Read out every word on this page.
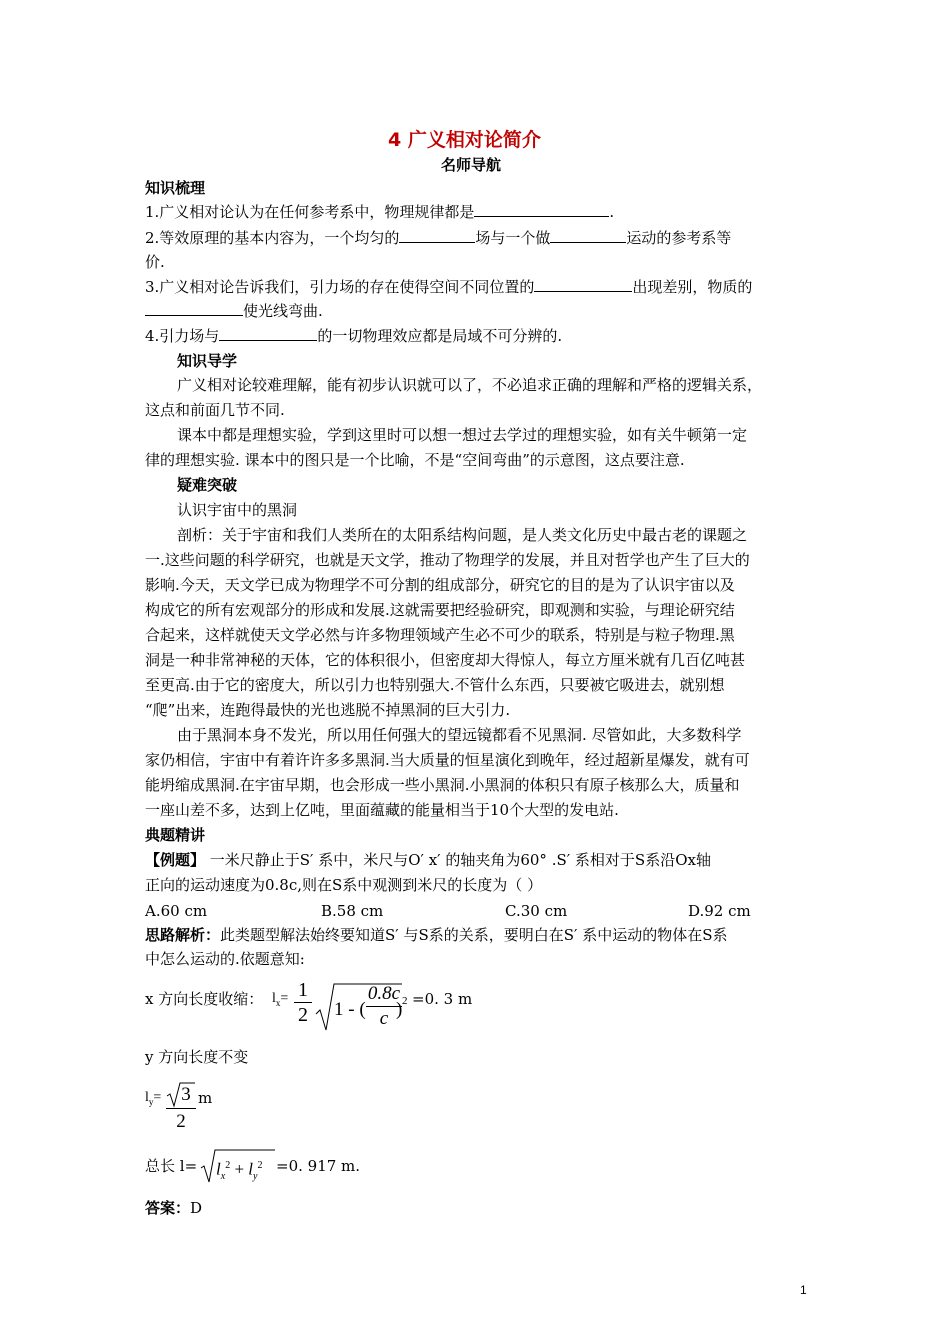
4 广义相对论简介
名师导航
知识梳理
1.广义相对论认为在任何参考系中，物理规律都是	.
2.等效原理的基本内容为，一个均匀的	场与一个做	运动的参考系等
价.
3.广义相对论告诉我们，引力场的存在使得空间不同位置的	出现差别，物质的
使光线弯曲.
4.引力场与	的一切物理效应都是局域不可分辨的.
知识导学
广义相对论较难理解，能有初步认识就可以了，不必追求正确的理解和严格的逻辑关系，
这点和前面几节不同.
课本中都是理想实验，学到这里时可以想一想过去学过的理想实验，如有关牛顿第一定
律的理想实验. 课本中的图只是一个比喻，不是“空间弯曲”的示意图，这点要注意.
疑难突破
认识宇宙中的黑洞
剖析：关于宇宙和我们人类所在的太阳系结构问题，是人类文化历史中最古老的课题之
一.这些问题的科学研究，也就是天文学，推动了物理学的发展，并且对哲学也产生了巨大的
影响.今天，天文学已成为物理学不可分割的组成部分，研究它的目的是为了认识宇宙以及
构成它的所有宏观部分的形成和发展.这就需要把经验研究，即观测和实验，与理论研究结
合起来，这样就使天文学必然与许多物理领域产生必不可少的联系，特别是与粒子物理.黑
洞是一种非常神秘的天体，它的体积很小，但密度却大得惊人，每立方厘米就有几百亿吨甚
至更高.由于它的密度大，所以引力也特别强大.不管什么东西，只要被它吸进去，就别想
“爬”出来，连跑得最快的光也逃脱不掉黑洞的巨大引力.
由于黑洞本身不发光，所以用任何强大的望远镜都看不见黑洞. 尽管如此，大多数科学
家仍相信，宇宙中有着许许多多黑洞.当大质量的恒星演化到晚年，经过超新星爆发，就有可
能坍缩成黑洞.在宇宙早期，也会形成一些小黑洞.小黑洞的体积只有原子核那么大，质量和
一座山差不多，达到上亿吨，里面蕴藏的能量相当于10个大型的发电站.
典题精讲
【例题】 一米尺静止于S′ 系中，米尺与O′ x′ 的轴夹角为60° .S′ 系相对于S系沿Ox轴
正向的运动速度为0.8c,则在S系中观测到米尺的长度为（ ）
A.60 cm	B.58 cm	C.30 cm	D.92 cm
思路解析：此类题型解法始终要知道S′ 与S系的关系，要明白在S′ 系中运动的物体在S系
中怎么运动的.依题意知:
x 方向长度收缩： $l_x= \frac{1}{2} 1$ - ( $\frac{0.8c}{c}$
) 2 =0. 3 m
y 方向长度不变
$l_y= \frac{3}{2}$ m
总长 $l= l_x^2 + l_y^2 =0$. 917 m.
答案：D
1
